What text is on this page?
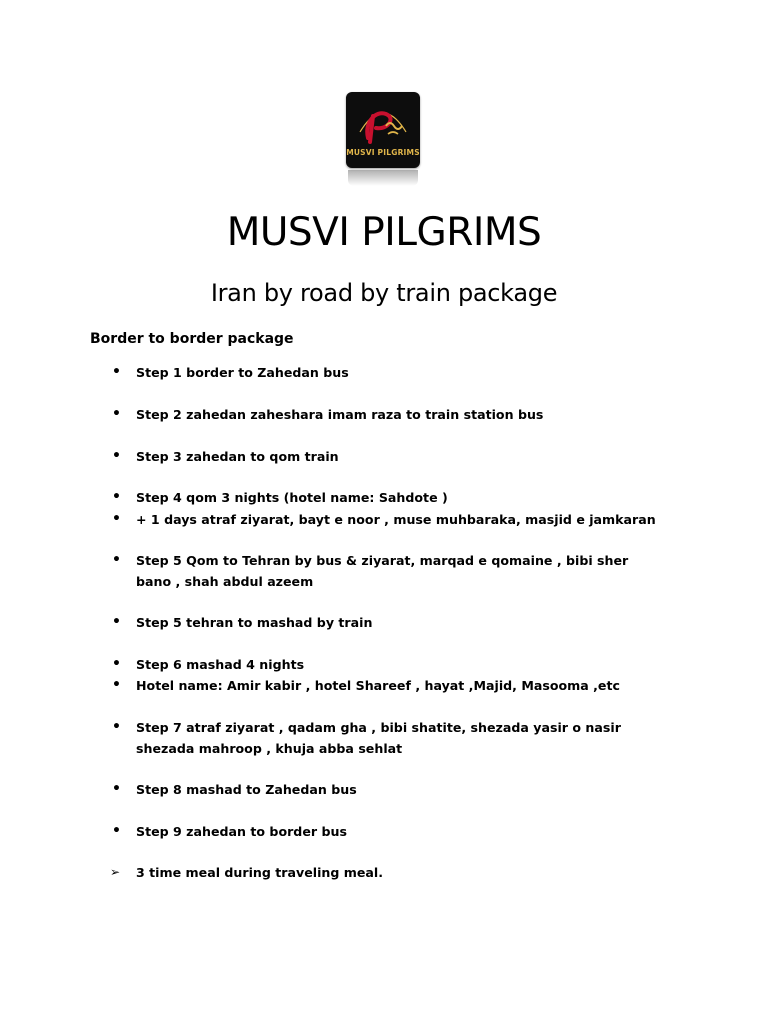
MUSVI PILGRIMS
MUSVI PILGRIMS
Iran by road by train package
Border to border package
• Step 1 border to Zahedan bus
• Step 2 zahedan zaheshara imam raza to train station bus
• Step 3 zahedan to qom train
• Step 4 qom 3 nights (hotel name: Sahdote )
• + 1 days atraf ziyarat, bayt e noor , muse muhbaraka, masjid e jamkaran
• Step 5 Qom to Tehran by bus & ziyarat, marqad e qomaine , bibi sher bano , shah abdul azeem
• Step 5 tehran to mashad by train
• Step 6 mashad 4 nights
• Hotel name: Amir kabir , hotel Shareef , hayat ,Majid, Masooma ,etc
• Step 7 atraf ziyarat , qadam gha , bibi shatite, shezada yasir o nasir shezada mahroop , khuja abba sehlat
• Step 8 mashad to Zahedan bus
• Step 9 zahedan to border bus
➢ 3 time meal during traveling meal.
